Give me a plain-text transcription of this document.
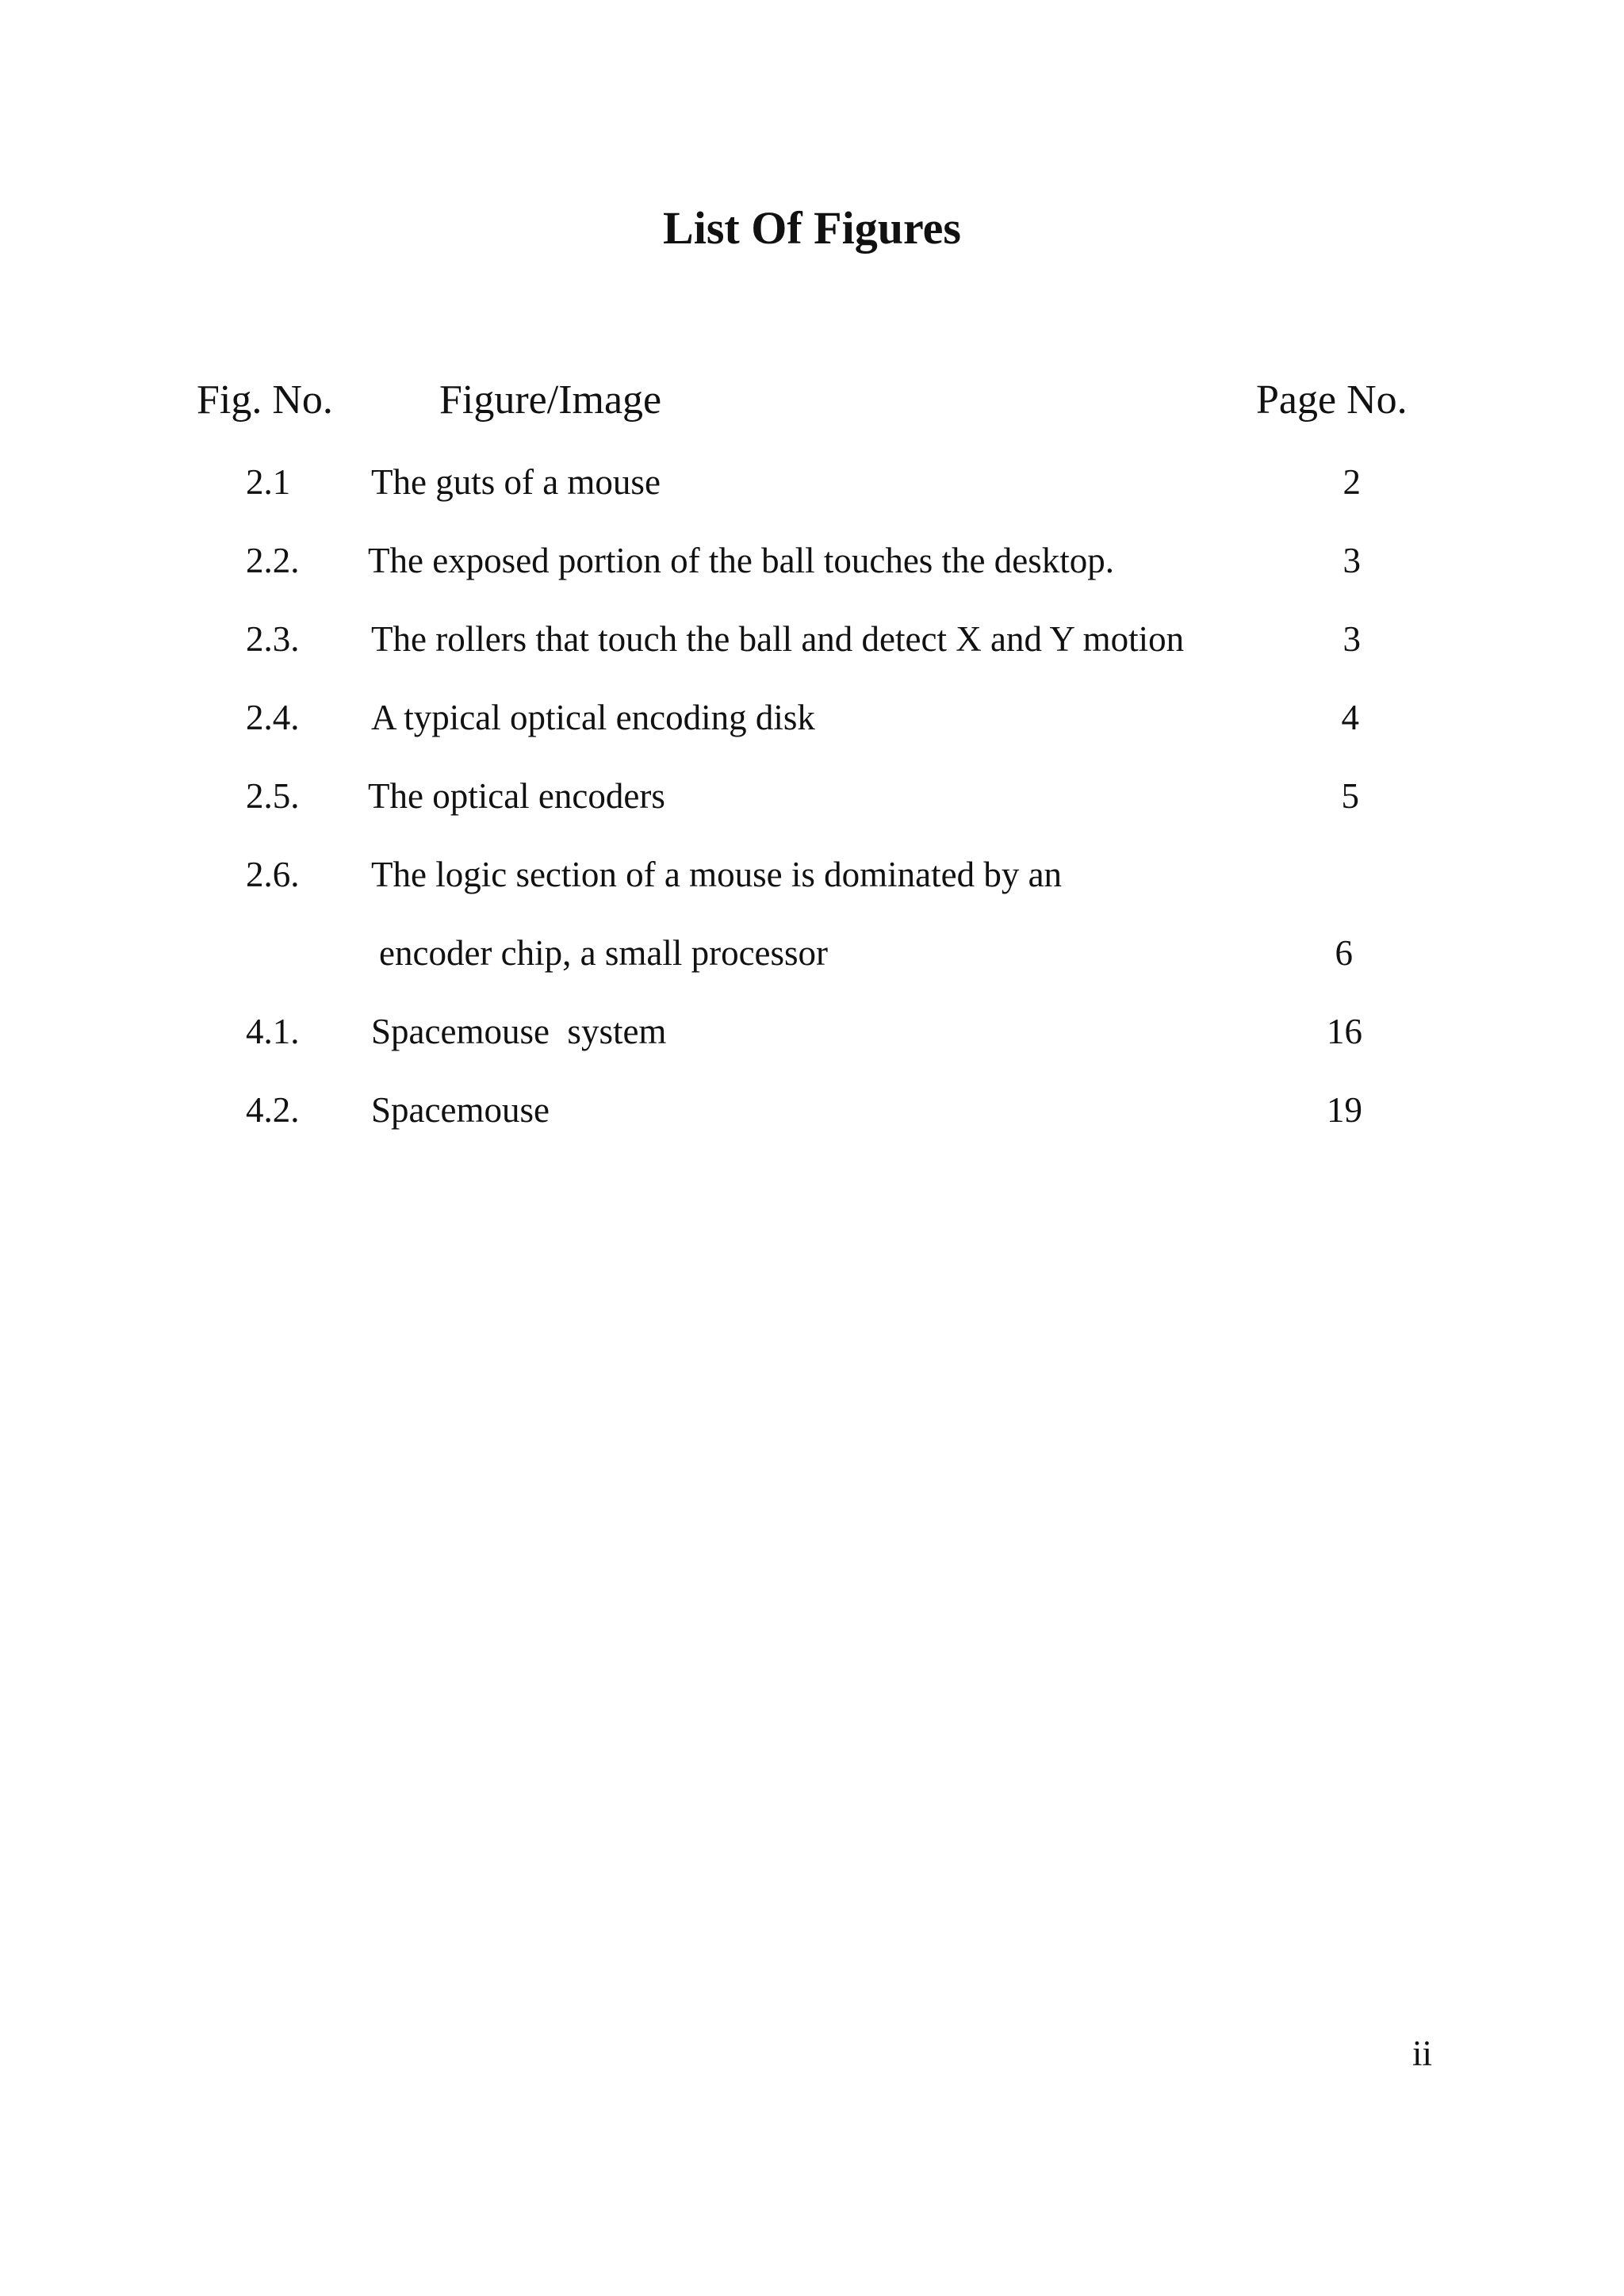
List Of Figures
Fig. No.	Figure/Image	Page No.
2.1 The guts of a mouse	2
2.2. The exposed portion of the ball touches the desktop.	3
2.3. The rollers that touch the ball and detect X and Y motion	3
2.4. A typical optical encoding disk	4
2.5. The optical encoders	5
2.6. The logic section of a mouse is dominated by an
encoder chip, a small processor	6
4.1. Spacemouse  system	16
4.2. Spacemouse	19
ii
